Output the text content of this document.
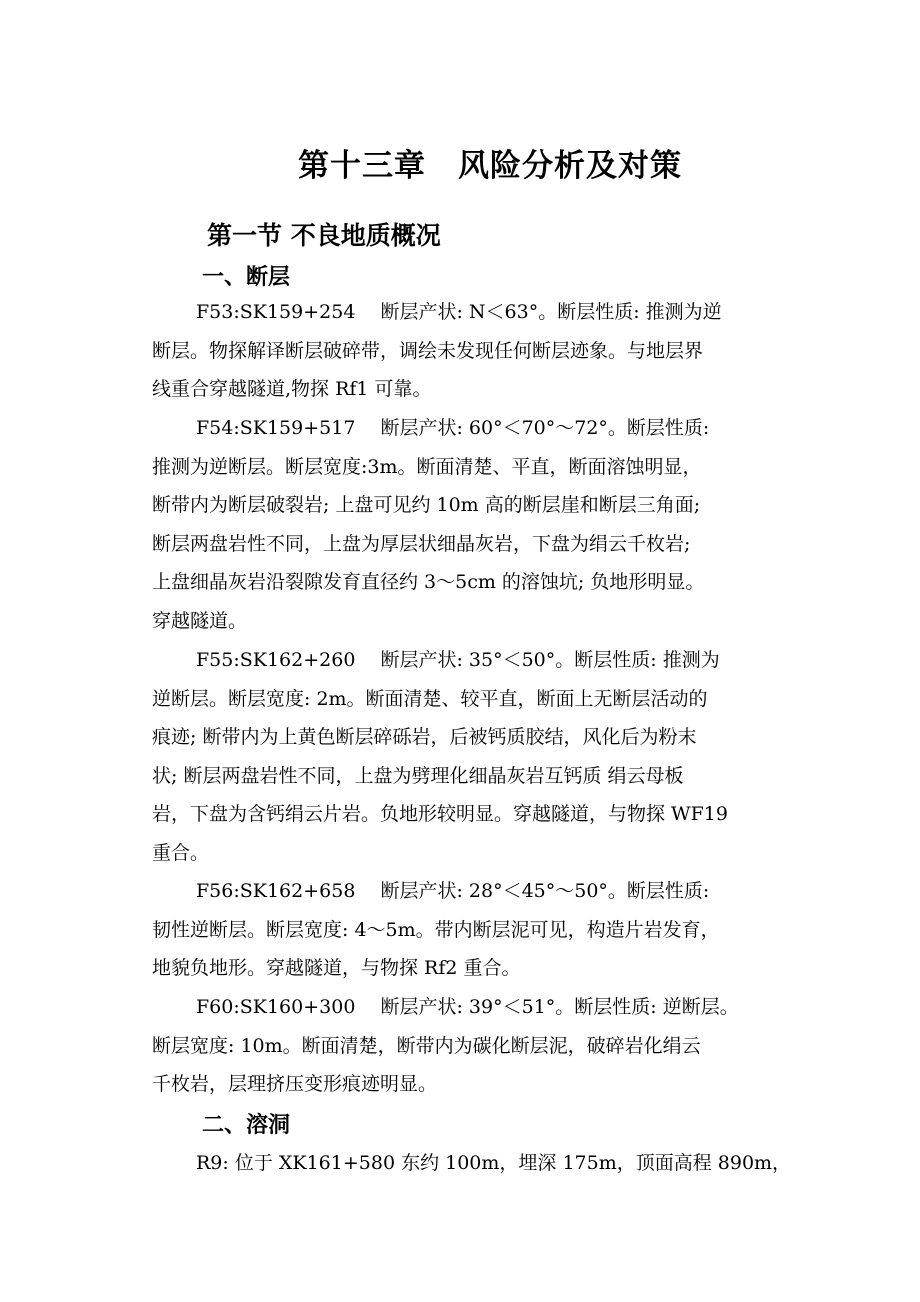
第十三章　风险分析及对策
第一节 不良地质概况
一、断层

F53:SK159+254　 断层产状: N＜63°。断层性质: 推测为逆
断层。物探解译断层破碎带，调绘未发现任何断层迹象。与地层界
线重合穿越隧道,物探 Rf1 可靠。

F54:SK159+517　 断层产状: 60°＜70°～72°。断层性质:
推测为逆断层。断层宽度:3m。断面清楚、平直，断面溶蚀明显，
断带内为断层破裂岩; 上盘可见约 10m 高的断层崖和断层三角面;
断层两盘岩性不同，上盘为厚层状细晶灰岩，下盘为绢云千枚岩;
上盘细晶灰岩沿裂隙发育直径约 3～5cm 的溶蚀坑; 负地形明显。
穿越隧道。

F55:SK162+260　 断层产状: 35°＜50°。断层性质: 推测为
逆断层。断层宽度: 2m。断面清楚、较平直，断面上无断层活动的
痕迹; 断带内为上黄色断层碎砾岩，后被钙质胶结，风化后为粉末
状; 断层两盘岩性不同，上盘为劈理化细晶灰岩互钙质 绢云母板
岩，下盘为含钙绢云片岩。负地形较明显。穿越隧道，与物探 WF19
重合。

F56:SK162+658　 断层产状: 28°＜45°～50°。断层性质:
韧性逆断层。断层宽度: 4～5m。带内断层泥可见，构造片岩发育，
地貌负地形。穿越隧道，与物探 Rf2 重合。

F60:SK160+300　 断层产状: 39°＜51°。断层性质: 逆断层。
断层宽度: 10m。断面清楚，断带内为碳化断层泥，破碎岩化绢云
千枚岩，层理挤压变形痕迹明显。

二、溶洞

R9: 位于 XK161+580 东约 100m，埋深 175m，顶面高程 890m，
